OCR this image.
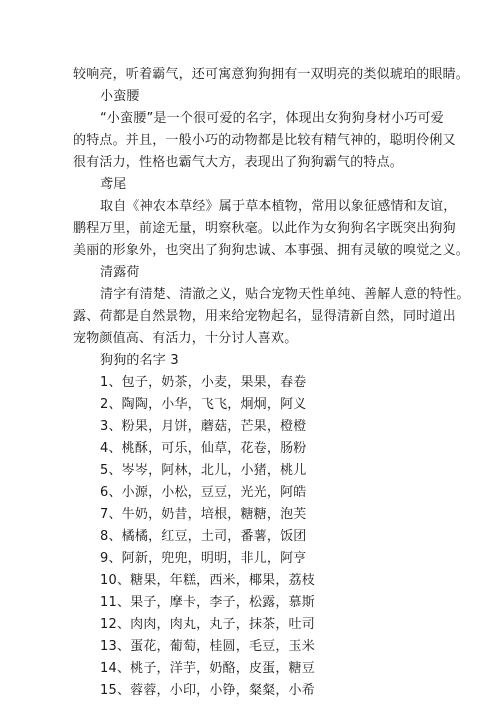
较响亮，听着霸气，还可寓意狗狗拥有一双明亮的类似琥珀的眼睛。
小蛮腰
“小蛮腰”是一个很可爱的名字，体现出女狗狗身材小巧可爱
的特点。并且，一般小巧的动物都是比较有精气神的，聪明伶俐又
很有活力，性格也霸气大方，表现出了狗狗霸气的特点。
鸢尾
取自《神农本草经》属于草本植物，常用以象征感情和友谊，
鹏程万里，前途无量，明察秋毫。以此作为女狗狗名字既突出狗狗
美丽的形象外，也突出了狗狗忠诚、本事强、拥有灵敏的嗅觉之义。
清露荷
清字有清楚、清澈之义，贴合宠物天性单纯、善解人意的特性。
露、荷都是自然景物，用来给宠物起名，显得清新自然，同时道出
宠物颜值高、有活力，十分讨人喜欢。
狗狗的名字 3
1、包子，奶茶，小麦，果果，春卷
2、陶陶，小华，飞飞，炯炯，阿义
3、粉果，月饼，蘑菇，芒果，橙橙
4、桃酥，可乐，仙草，花卷，肠粉
5、岑岑，阿林，北儿，小猪，桃儿
6、小源，小松，豆豆，光光，阿皓
7、牛奶，奶昔，培根，糖糖，泡芙
8、橘橘，红豆，土司，番薯，饭团
9、阿新，兜兜，明明，非儿，阿亨
10、糖果，年糕，西米，椰果，荔枝
11、果子，摩卡，李子，松露，慕斯
12、肉肉，肉丸，丸子，抹茶，吐司
13、蛋花，葡萄，桂圆，毛豆，玉米
14、桃子，洋芋，奶酪，皮蛋，糖豆
15、蓉蓉，小印，小铮，粲粲，小希
